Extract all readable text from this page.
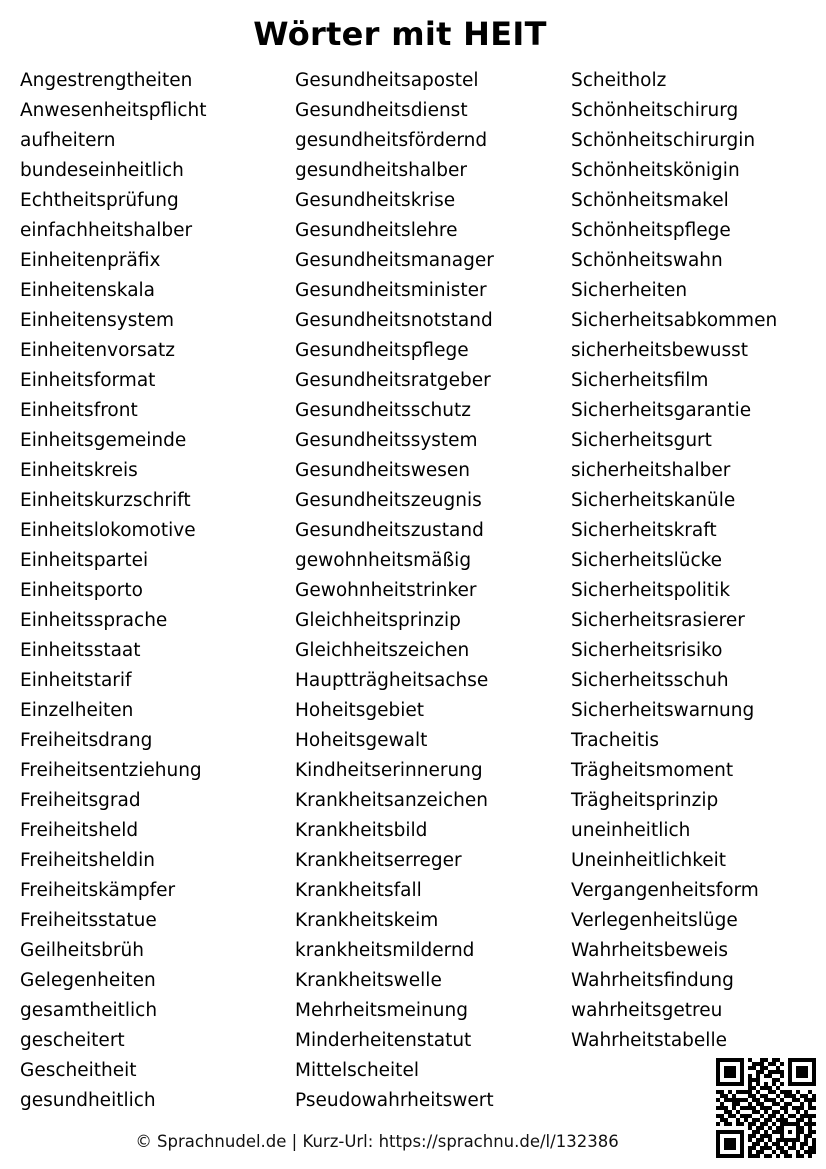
Wörter mit HEIT
Angestrengtheiten
Anwesenheitspflicht
aufheitern
bundeseinheitlich
Echtheitsprüfung
einfachheitshalber
Einheitenpräfix
Einheitenskala
Einheitensystem
Einheitenvorsatz
Einheitsformat
Einheitsfront
Einheitsgemeinde
Einheitskreis
Einheitskurzschrift
Einheitslokomotive
Einheitspartei
Einheitsporto
Einheitssprache
Einheitsstaat
Einheitstarif
Einzelheiten
Freiheitsdrang
Freiheitsentziehung
Freiheitsgrad
Freiheitsheld
Freiheitsheldin
Freiheitskämpfer
Freiheitsstatue
Geilheitsbrüh
Gelegenheiten
gesamtheitlich
gescheitert
Gescheitheit
gesundheitlich
Gesundheitsapostel
Gesundheitsdienst
gesundheitsfördernd
gesundheitshalber
Gesundheitskrise
Gesundheitslehre
Gesundheitsmanager
Gesundheitsminister
Gesundheitsnotstand
Gesundheitspflege
Gesundheitsratgeber
Gesundheitsschutz
Gesundheitssystem
Gesundheitswesen
Gesundheitszeugnis
Gesundheitszustand
gewohnheitsmäßig
Gewohnheitstrinker
Gleichheitsprinzip
Gleichheitszeichen
Hauptträgheitsachse
Hoheitsgebiet
Hoheitsgewalt
Kindheitserinnerung
Krankheitsanzeichen
Krankheitsbild
Krankheitserreger
Krankheitsfall
Krankheitskeim
krankheitsmildernd
Krankheitswelle
Mehrheitsmeinung
Minderheitenstatut
Mittelscheitel
Pseudowahrheitswert
Scheitholz
Schönheitschirurg
Schönheitschirurgin
Schönheitskönigin
Schönheitsmakel
Schönheitspflege
Schönheitswahn
Sicherheiten
Sicherheitsabkommen
sicherheitsbewusst
Sicherheitsfilm
Sicherheitsgarantie
Sicherheitsgurt
sicherheitshalber
Sicherheitskanüle
Sicherheitskraft
Sicherheitslücke
Sicherheitspolitik
Sicherheitsrasierer
Sicherheitsrisiko
Sicherheitsschuh
Sicherheitswarnung
Tracheitis
Trägheitsmoment
Trägheitsprinzip
uneinheitlich
Uneinheitlichkeit
Vergangenheitsform
Verlegenheitslüge
Wahrheitsbeweis
Wahrheitsfindung
wahrheitsgetreu
Wahrheitstabelle
© Sprachnudel.de | Kurz-Url: https://sprachnu.de/l/132386
